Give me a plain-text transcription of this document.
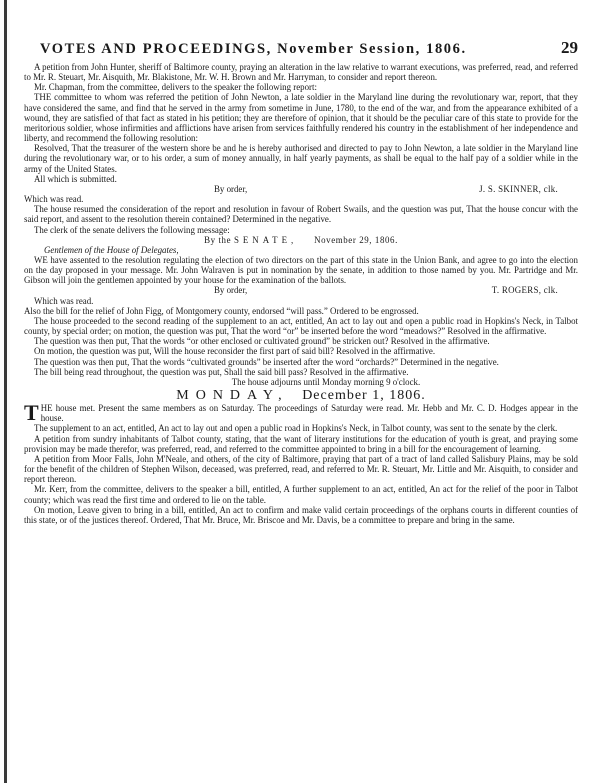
VOTES AND PROCEEDINGS, November Session, 1806.	29

A petition from John Hunter, sheriff of Baltimore county, praying an alteration in the law relative to warrant executions, was preferred, read, and referred to Mr. R. Steuart, Mr. Aisquith, Mr. Blakistone, Mr. W. H. Brown and Mr. Harryman, to consider and report thereon.

Mr. Chapman, from the committee, delivers to the speaker the following report:

THE committee to whom was referred the petition of John Newton, a late soldier in the Maryland line during the revolutionary war, report, that they have considered the same, and find that he served in the army from sometime in June, 1780, to the end of the war, and from the appearance exhibited of a wound, they are satisfied of that fact as stated in his petition; they are therefore of opinion, that it should be the peculiar care of this state to provide for the meritorious soldier, whose infirmities and afflictions have arisen from services faithfully rendered his country in the establishment of her independence and liberty, and recommend the following resolution:

Resolved, That the treasurer of the western shore be and he is hereby authorised and directed to pay to John Newton, a late soldier in the Maryland line during the revolutionary war, or to his order, a sum of money annually, in half yearly payments, as shall be equal to the half pay of a soldier while in the army of the United States.

All which is submitted.

By order,	J. S. SKINNER, clk.

Which was read.

The house resumed the consideration of the report and resolution in favour of Robert Swails, and the question was put, That the house concur with the said report, and assent to the resolution therein contained? Determined in the negative.

The clerk of the senate delivers the following message:

By the SENATE, November 29, 1806.

Gentlemen of the House of Delegates,

WE have assented to the resolution regulating the election of two directors on the part of this state in the Union Bank, and agree to go into the election on the day proposed in your message. Mr. John Walraven is put in nomination by the senate, in addition to those named by you. Mr. Partridge and Mr. Gibson will join the gentlemen appointed by your house for the examination of the ballots.

By order,	T. ROGERS, clk.

Which was read.

Also the bill for the relief of John Figg, of Montgomery county, endorsed “will pass.” Ordered to be engrossed.

The house proceeded to the second reading of the supplement to an act, entitled, An act to lay out and open a public road in Hopkins's Neck, in Talbot county, by special order; on motion, the question was put, That the word “or” be inserted before the word “meadows?” Resolved in the affirmative.

The question was then put, That the words “or other enclosed or cultivated ground” be stricken out? Resolved in the affirmative.

On motion, the question was put, Will the house reconsider the first part of said bill? Resolved in the affirmative.

The question was then put, That the words “cultivated grounds” be inserted after the word “orchards?” Determined in the negative.

The bill being read throughout, the question was put, Shall the said bill pass? Resolved in the affirmative.

The house adjourns until Monday morning 9 o'clock.

MONDAY, December 1, 1806.

THE house met. Present the same members as on Saturday. The proceedings of Saturday were read. Mr. Hebb and Mr. C. D. Hodges appear in the house.

The supplement to an act, entitled, An act to lay out and open a public road in Hopkins's Neck, in Talbot county, was sent to the senate by the clerk.

A petition from sundry inhabitants of Talbot county, stating, that the want of literary institutions for the education of youth is great, and praying some provision may be made therefor, was preferred, read, and referred to the committee appointed to bring in a bill for the encouragement of learning.

A petition from Moor Falls, John M'Neale, and others, of the city of Baltimore, praying that part of a tract of land called Salisbury Plains, may be sold for the benefit of the children of Stephen Wilson, deceased, was preferred, read, and referred to Mr. R. Steuart, Mr. Little and Mr. Aisquith, to consider and report thereon.

Mr. Kerr, from the committee, delivers to the speaker a bill, entitled, A further supplement to an act, entitled, An act for the relief of the poor in Talbot county; which was read the first time and ordered to lie on the table.

On motion, Leave given to bring in a bill, entitled, An act to confirm and make valid certain proceedings of the orphans courts in different counties of this state, or of the justices thereof. Ordered, That Mr. Bruce, Mr. Briscoe and Mr. Davis, be a committee to prepare and bring in the same.
